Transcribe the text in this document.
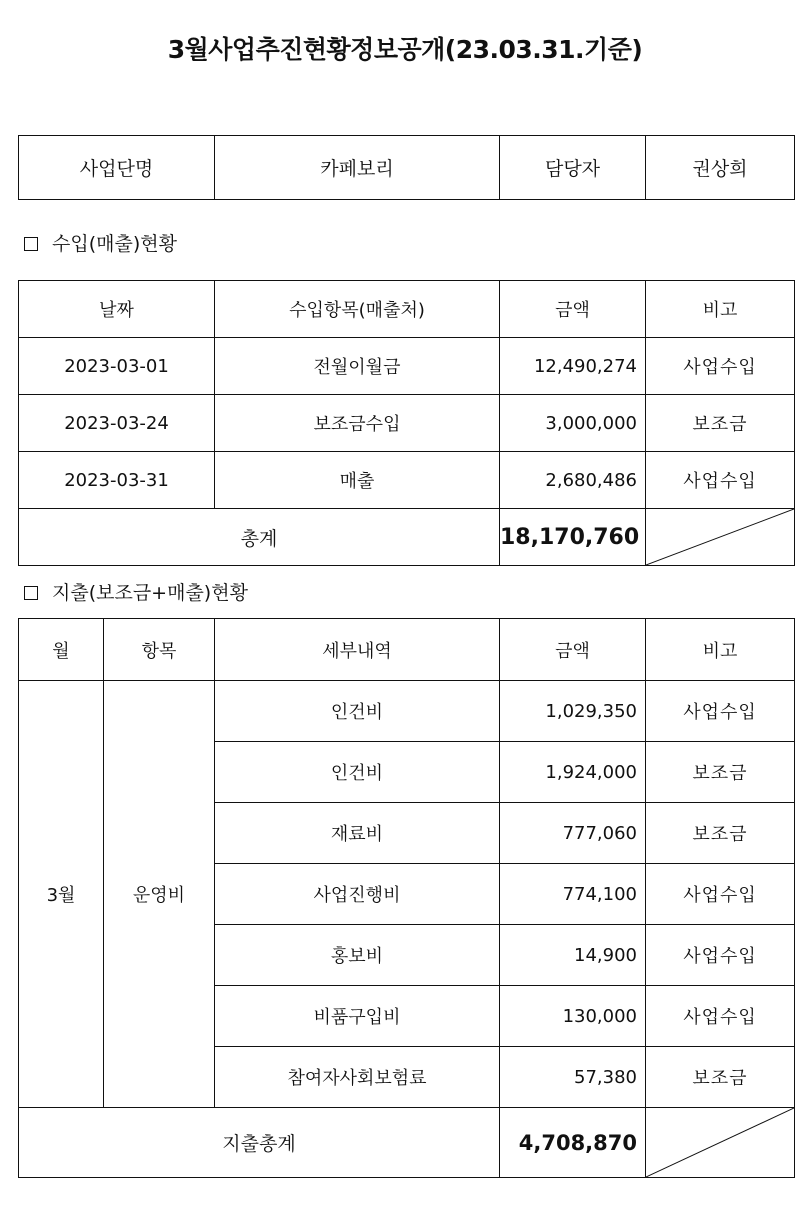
3월사업추진현황정보공개(23.03.31.기준)
사업단명	카페보리	담당자	권상희
수입(매출)현황
날짜	수입항목(매출처)	금액	비고
2023-03-01	전월이월금	12,490,274	사업수입
2023-03-24	보조금수입	3,000,000	보조금
2023-03-31	매출	2,680,486	사업수입
총계		18,170,760	
지출(보조금+매출)현황
월	항목	세부내역	금액	비고
3월	운영비	인건비	1,029,350	사업수입
		인건비	1,924,000	보조금
		재료비	777,060	보조금
		사업진행비	774,100	사업수입
		홍보비	14,900	사업수입
		비품구입비	130,000	사업수입
		참여자사회보험료	57,380	보조금
지출총계			4,708,870	
